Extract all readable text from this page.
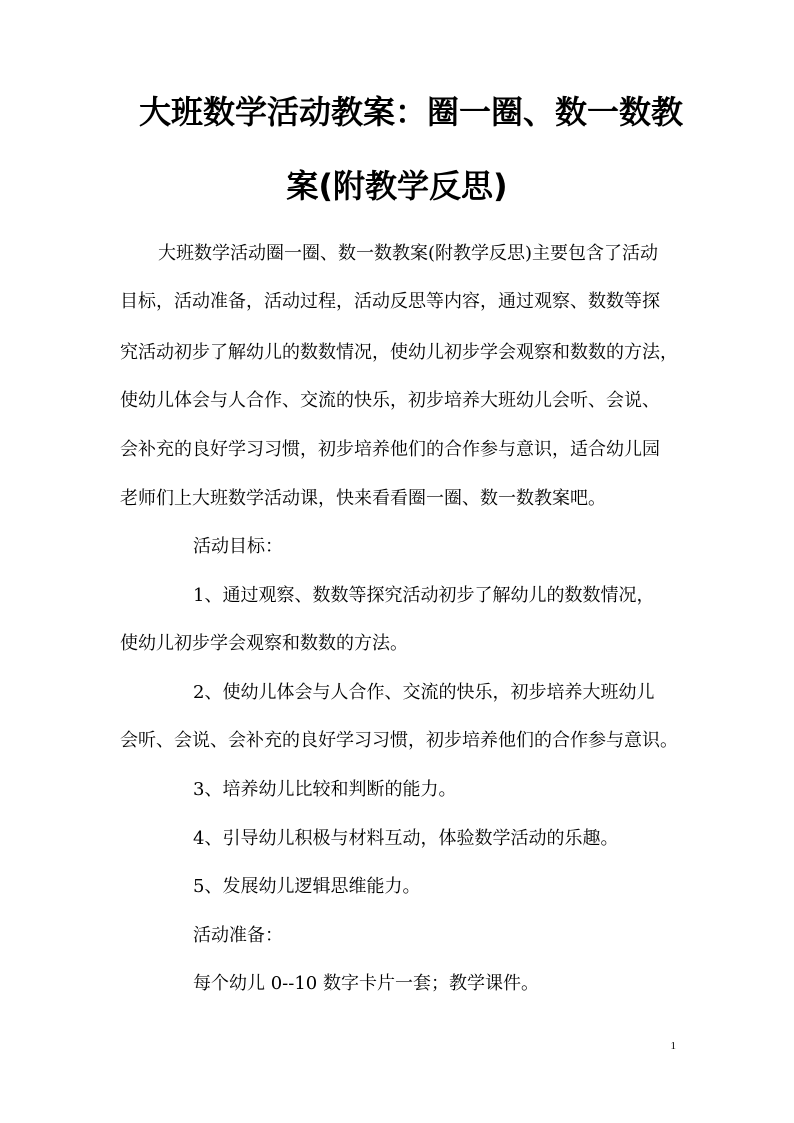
大班数学活动教案：圈一圈、数一数教
案(附教学反思)
大班数学活动圈一圈、数一数教案(附教学反思)主要包含了活动
目标，活动准备，活动过程，活动反思等内容，通过观察、数数等探
究活动初步了解幼儿的数数情况，使幼儿初步学会观察和数数的方法，
使幼儿体会与人合作、交流的快乐，初步培养大班幼儿会听、会说、
会补充的良好学习习惯，初步培养他们的合作参与意识，适合幼儿园
老师们上大班数学活动课，快来看看圈一圈、数一数教案吧。
活动目标：
1、通过观察、数数等探究活动初步了解幼儿的数数情况，
使幼儿初步学会观察和数数的方法。
2、使幼儿体会与人合作、交流的快乐，初步培养大班幼儿
会听、会说、会补充的良好学习习惯，初步培养他们的合作参与意识。
3、培养幼儿比较和判断的能力。
4、引导幼儿积极与材料互动，体验数学活动的乐趣。
5、发展幼儿逻辑思维能力。
活动准备：
每个幼儿 0--10 数字卡片一套；教学课件。
1
